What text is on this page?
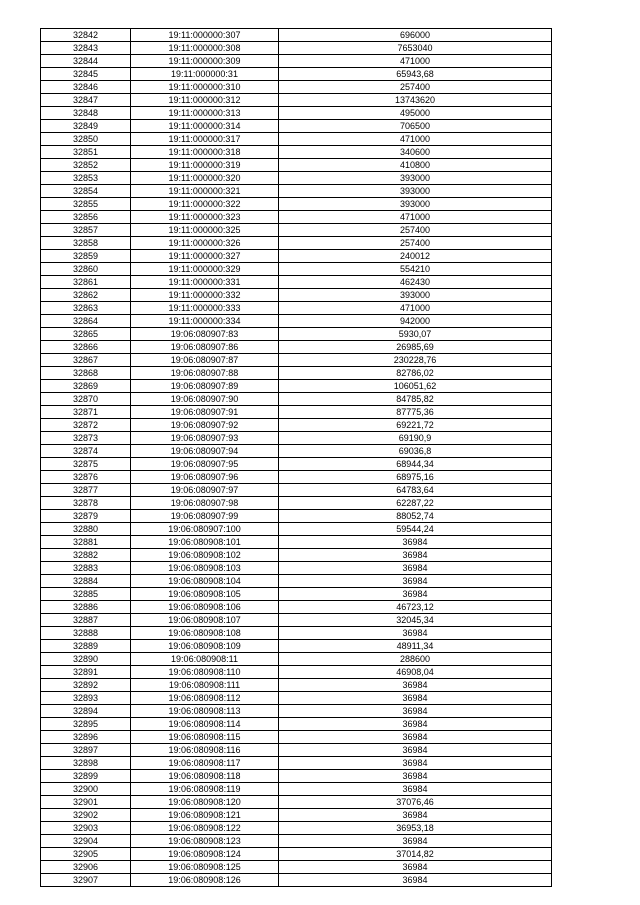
32842	19:11:000000:307	696000
32843	19:11:000000:308	7653040
32844	19:11:000000:309	471000
32845	19:11:000000:31	65943,68
32846	19:11:000000:310	257400
32847	19:11:000000:312	13743620
32848	19:11:000000:313	495000
32849	19:11:000000:314	706500
32850	19:11:000000:317	471000
32851	19:11:000000:318	340600
32852	19:11:000000:319	410800
32853	19:11:000000:320	393000
32854	19:11:000000:321	393000
32855	19:11:000000:322	393000
32856	19:11:000000:323	471000
32857	19:11:000000:325	257400
32858	19:11:000000:326	257400
32859	19:11:000000:327	240012
32860	19:11:000000:329	554210
32861	19:11:000000:331	462430
32862	19:11:000000:332	393000
32863	19:11:000000:333	471000
32864	19:11:000000:334	942000
32865	19:06:080907:83	5930,07
32866	19:06:080907:86	26985,69
32867	19:06:080907:87	230228,76
32868	19:06:080907:88	82786,02
32869	19:06:080907:89	106051,62
32870	19:06:080907:90	84785,82
32871	19:06:080907:91	87775,36
32872	19:06:080907:92	69221,72
32873	19:06:080907:93	69190,9
32874	19:06:080907:94	69036,8
32875	19:06:080907:95	68944,34
32876	19:06:080907:96	68975,16
32877	19:06:080907:97	64783,64
32878	19:06:080907:98	62287,22
32879	19:06:080907:99	88052,74
32880	19:06:080907:100	59544,24
32881	19:06:080908:101	36984
32882	19:06:080908:102	36984
32883	19:06:080908:103	36984
32884	19:06:080908:104	36984
32885	19:06:080908:105	36984
32886	19:06:080908:106	46723,12
32887	19:06:080908:107	32045,34
32888	19:06:080908:108	36984
32889	19:06:080908:109	48911,34
32890	19:06:080908:11	288600
32891	19:06:080908:110	46908,04
32892	19:06:080908:111	36984
32893	19:06:080908:112	36984
32894	19:06:080908:113	36984
32895	19:06:080908:114	36984
32896	19:06:080908:115	36984
32897	19:06:080908:116	36984
32898	19:06:080908:117	36984
32899	19:06:080908:118	36984
32900	19:06:080908:119	36984
32901	19:06:080908:120	37076,46
32902	19:06:080908:121	36984
32903	19:06:080908:122	36953,18
32904	19:06:080908:123	36984
32905	19:06:080908:124	37014,82
32906	19:06:080908:125	36984
32907	19:06:080908:126	36984
